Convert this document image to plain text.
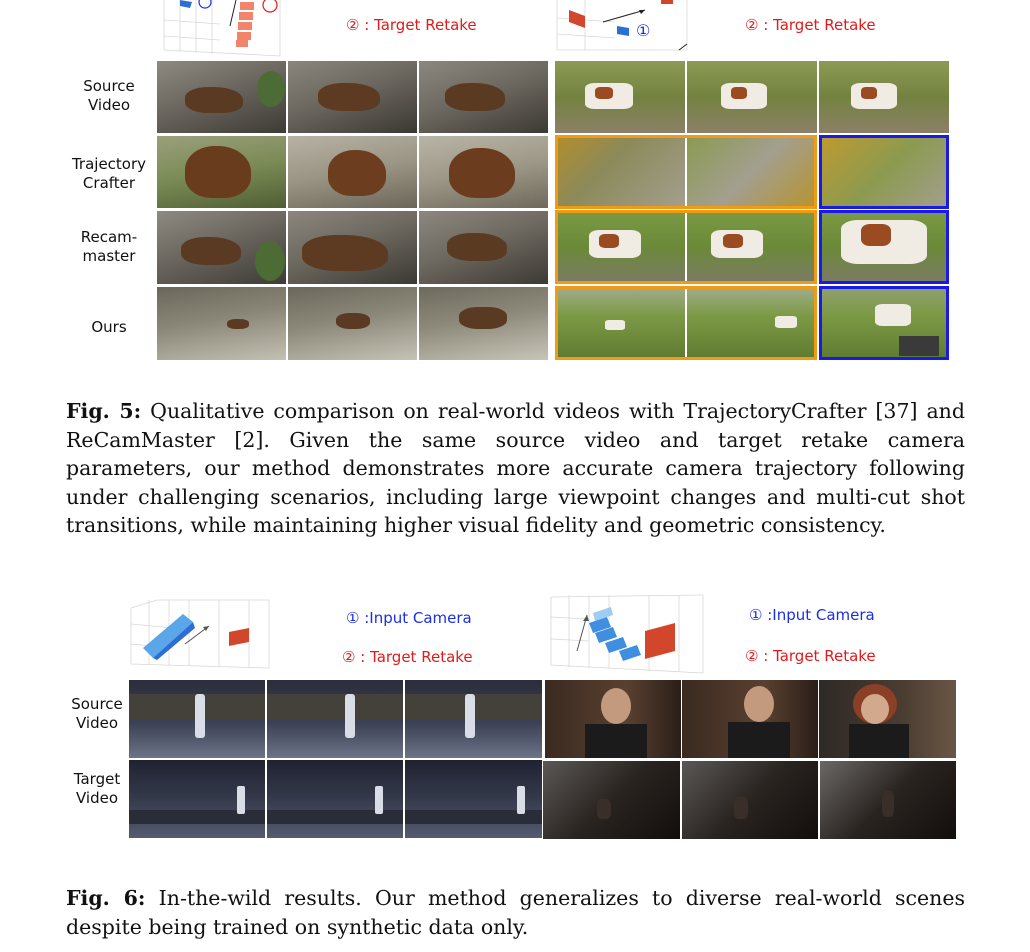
② : Target Retake	①	② : Target Retake
Source
Video
Trajectory
Crafter
Recam-
master
Ours
Fig. 5: Qualitative comparison on real-world videos with TrajectoryCrafter [37] and ReCamMaster [2]. Given the same source video and target retake camera parameters, our method demonstrates more accurate camera trajectory following under challenging scenarios, including large viewpoint changes and multi-cut shot transitions, while maintaining higher visual fidelity and geometric consistency.
① :Input Camera
② : Target Retake
① :Input Camera
② : Target Retake
Source
Video
Target
Video
Fig. 6: In-the-wild results. Our method generalizes to diverse real-world scenes despite being trained on synthetic data only.
